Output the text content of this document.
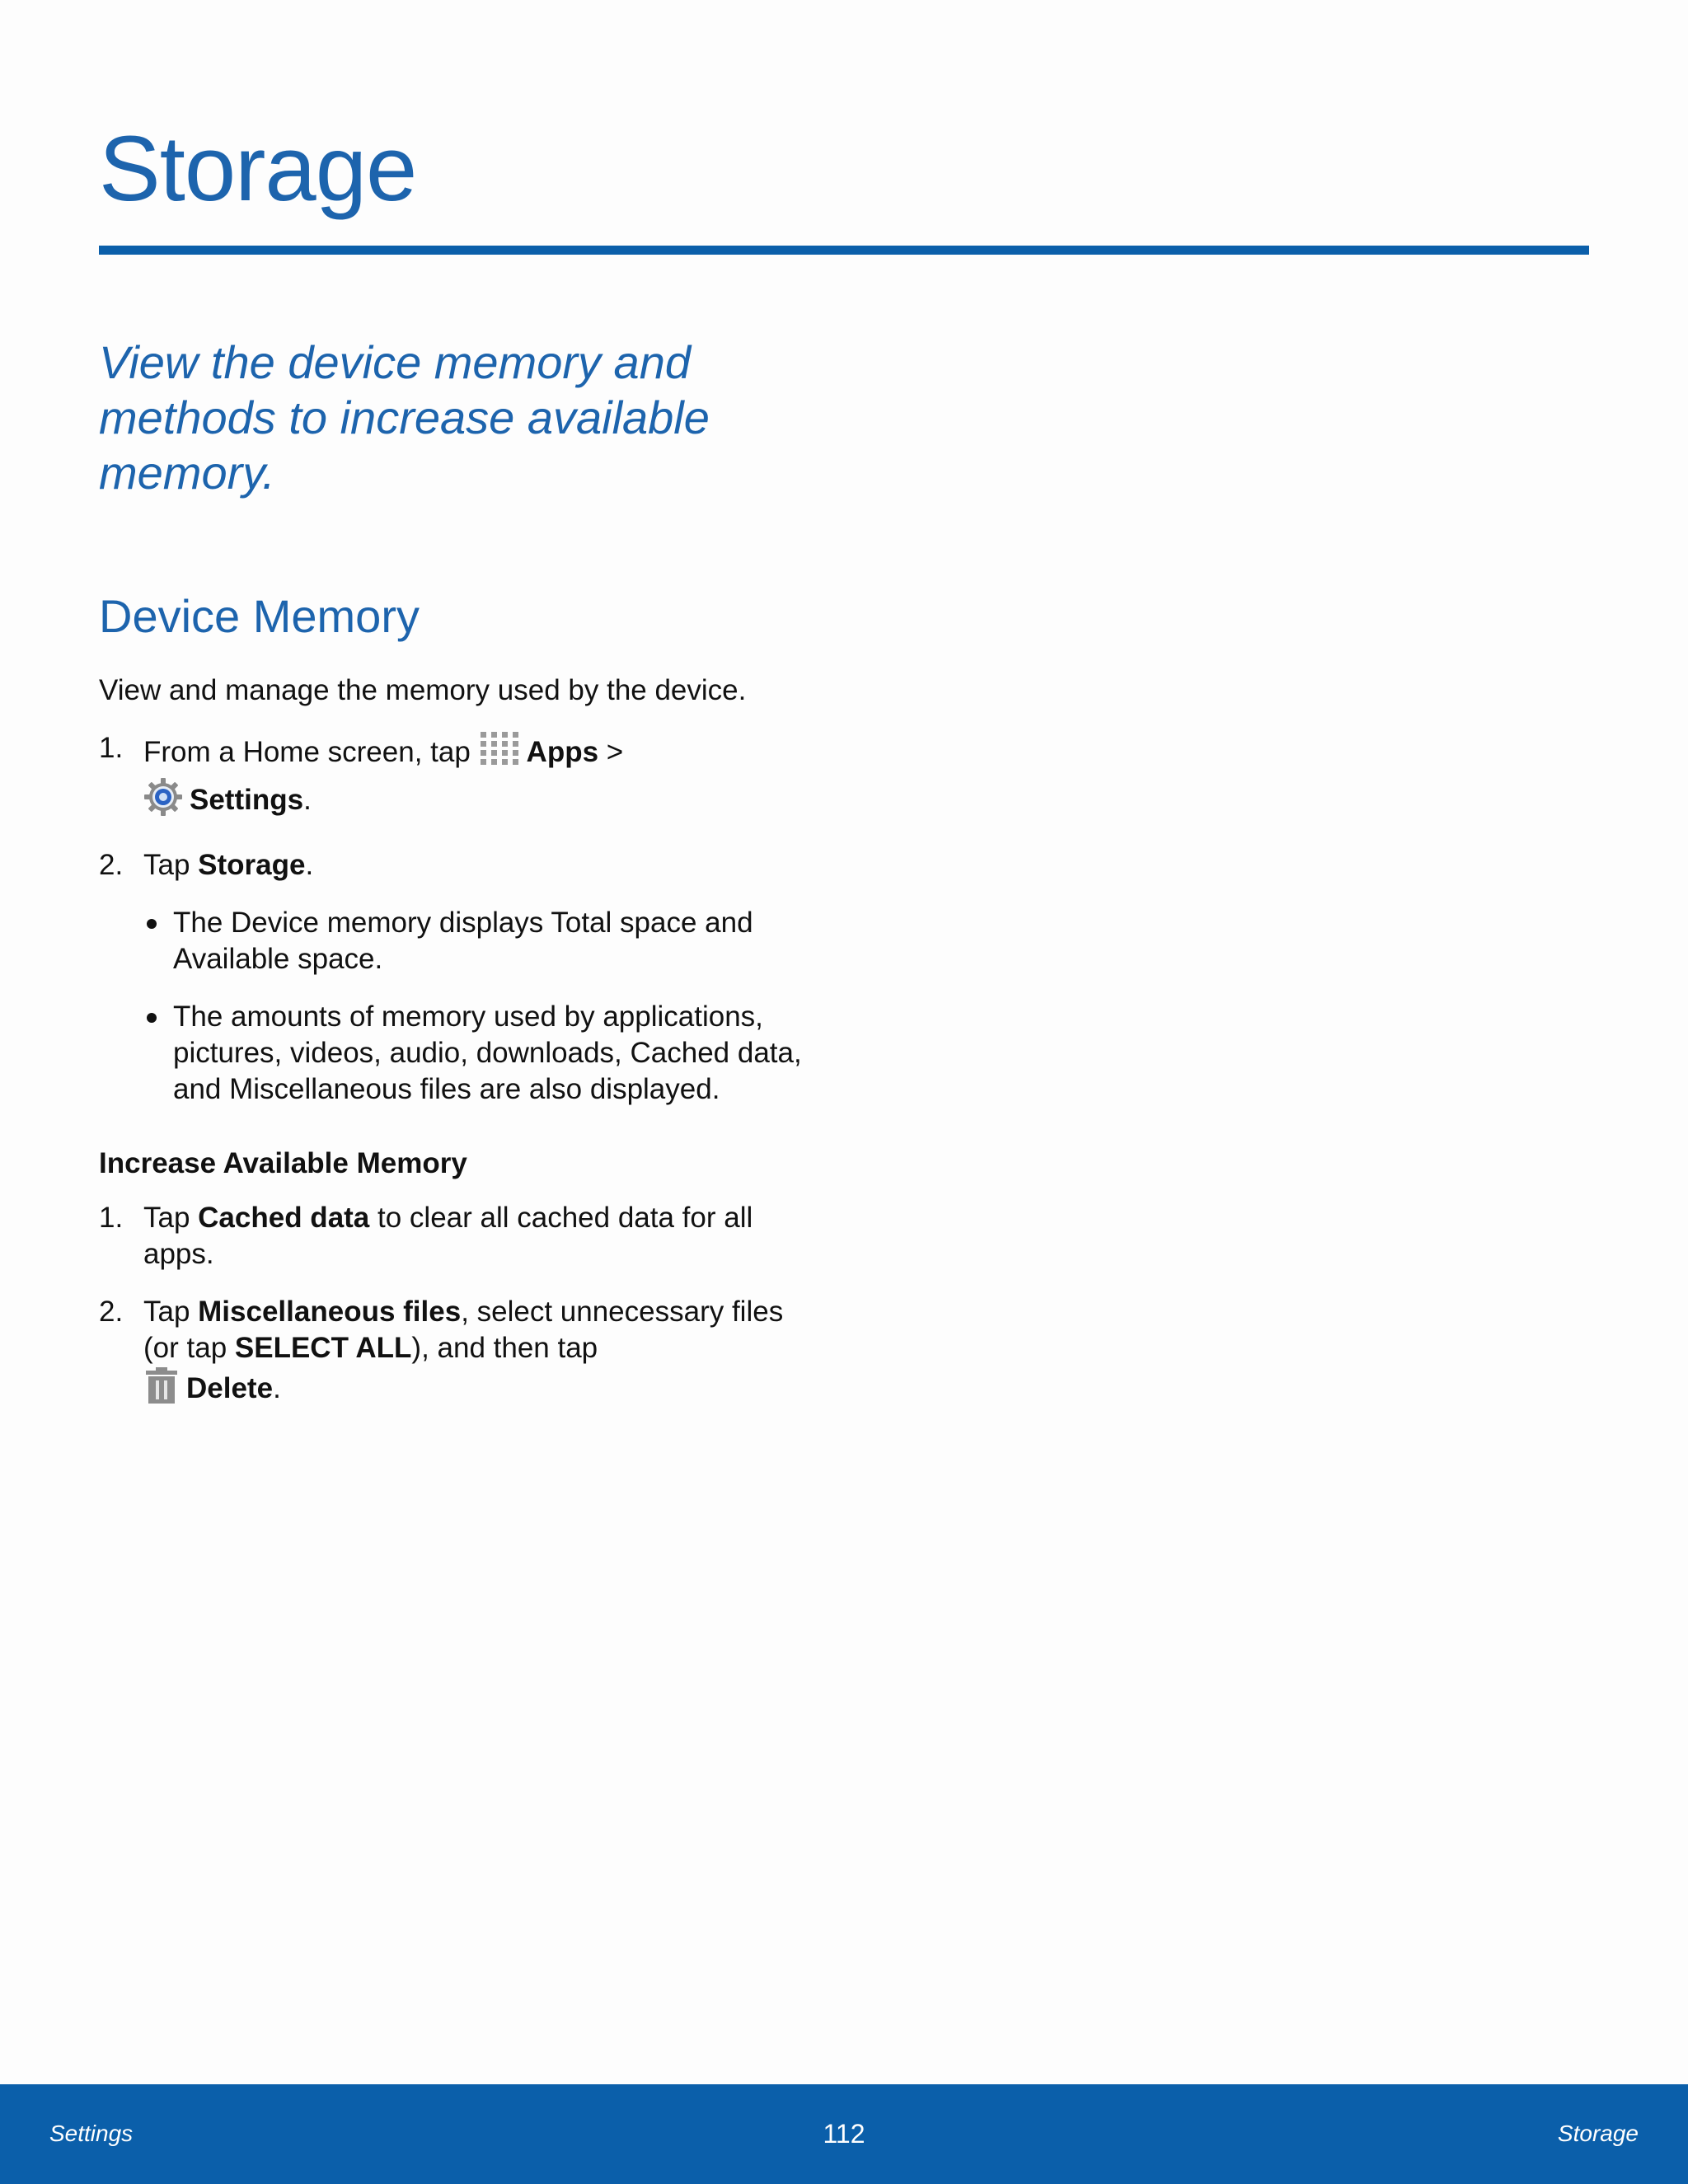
Storage

View the device memory and methods to increase available memory.

Device Memory

View and manage the memory used by the device.

1. From a Home screen, tap Apps >
Settings.
2. Tap Storage.
The Device memory displays Total space and Available space.
The amounts of memory used by applications, pictures, videos, audio, downloads, Cached data, and Miscellaneous files are also displayed.
Increase Available Memory
1. Tap Cached data to clear all cached data for all apps.
2. Tap Miscellaneous files, select unnecessary files (or tap SELECT ALL), and then tap
Delete.
Settings	112	Storage
